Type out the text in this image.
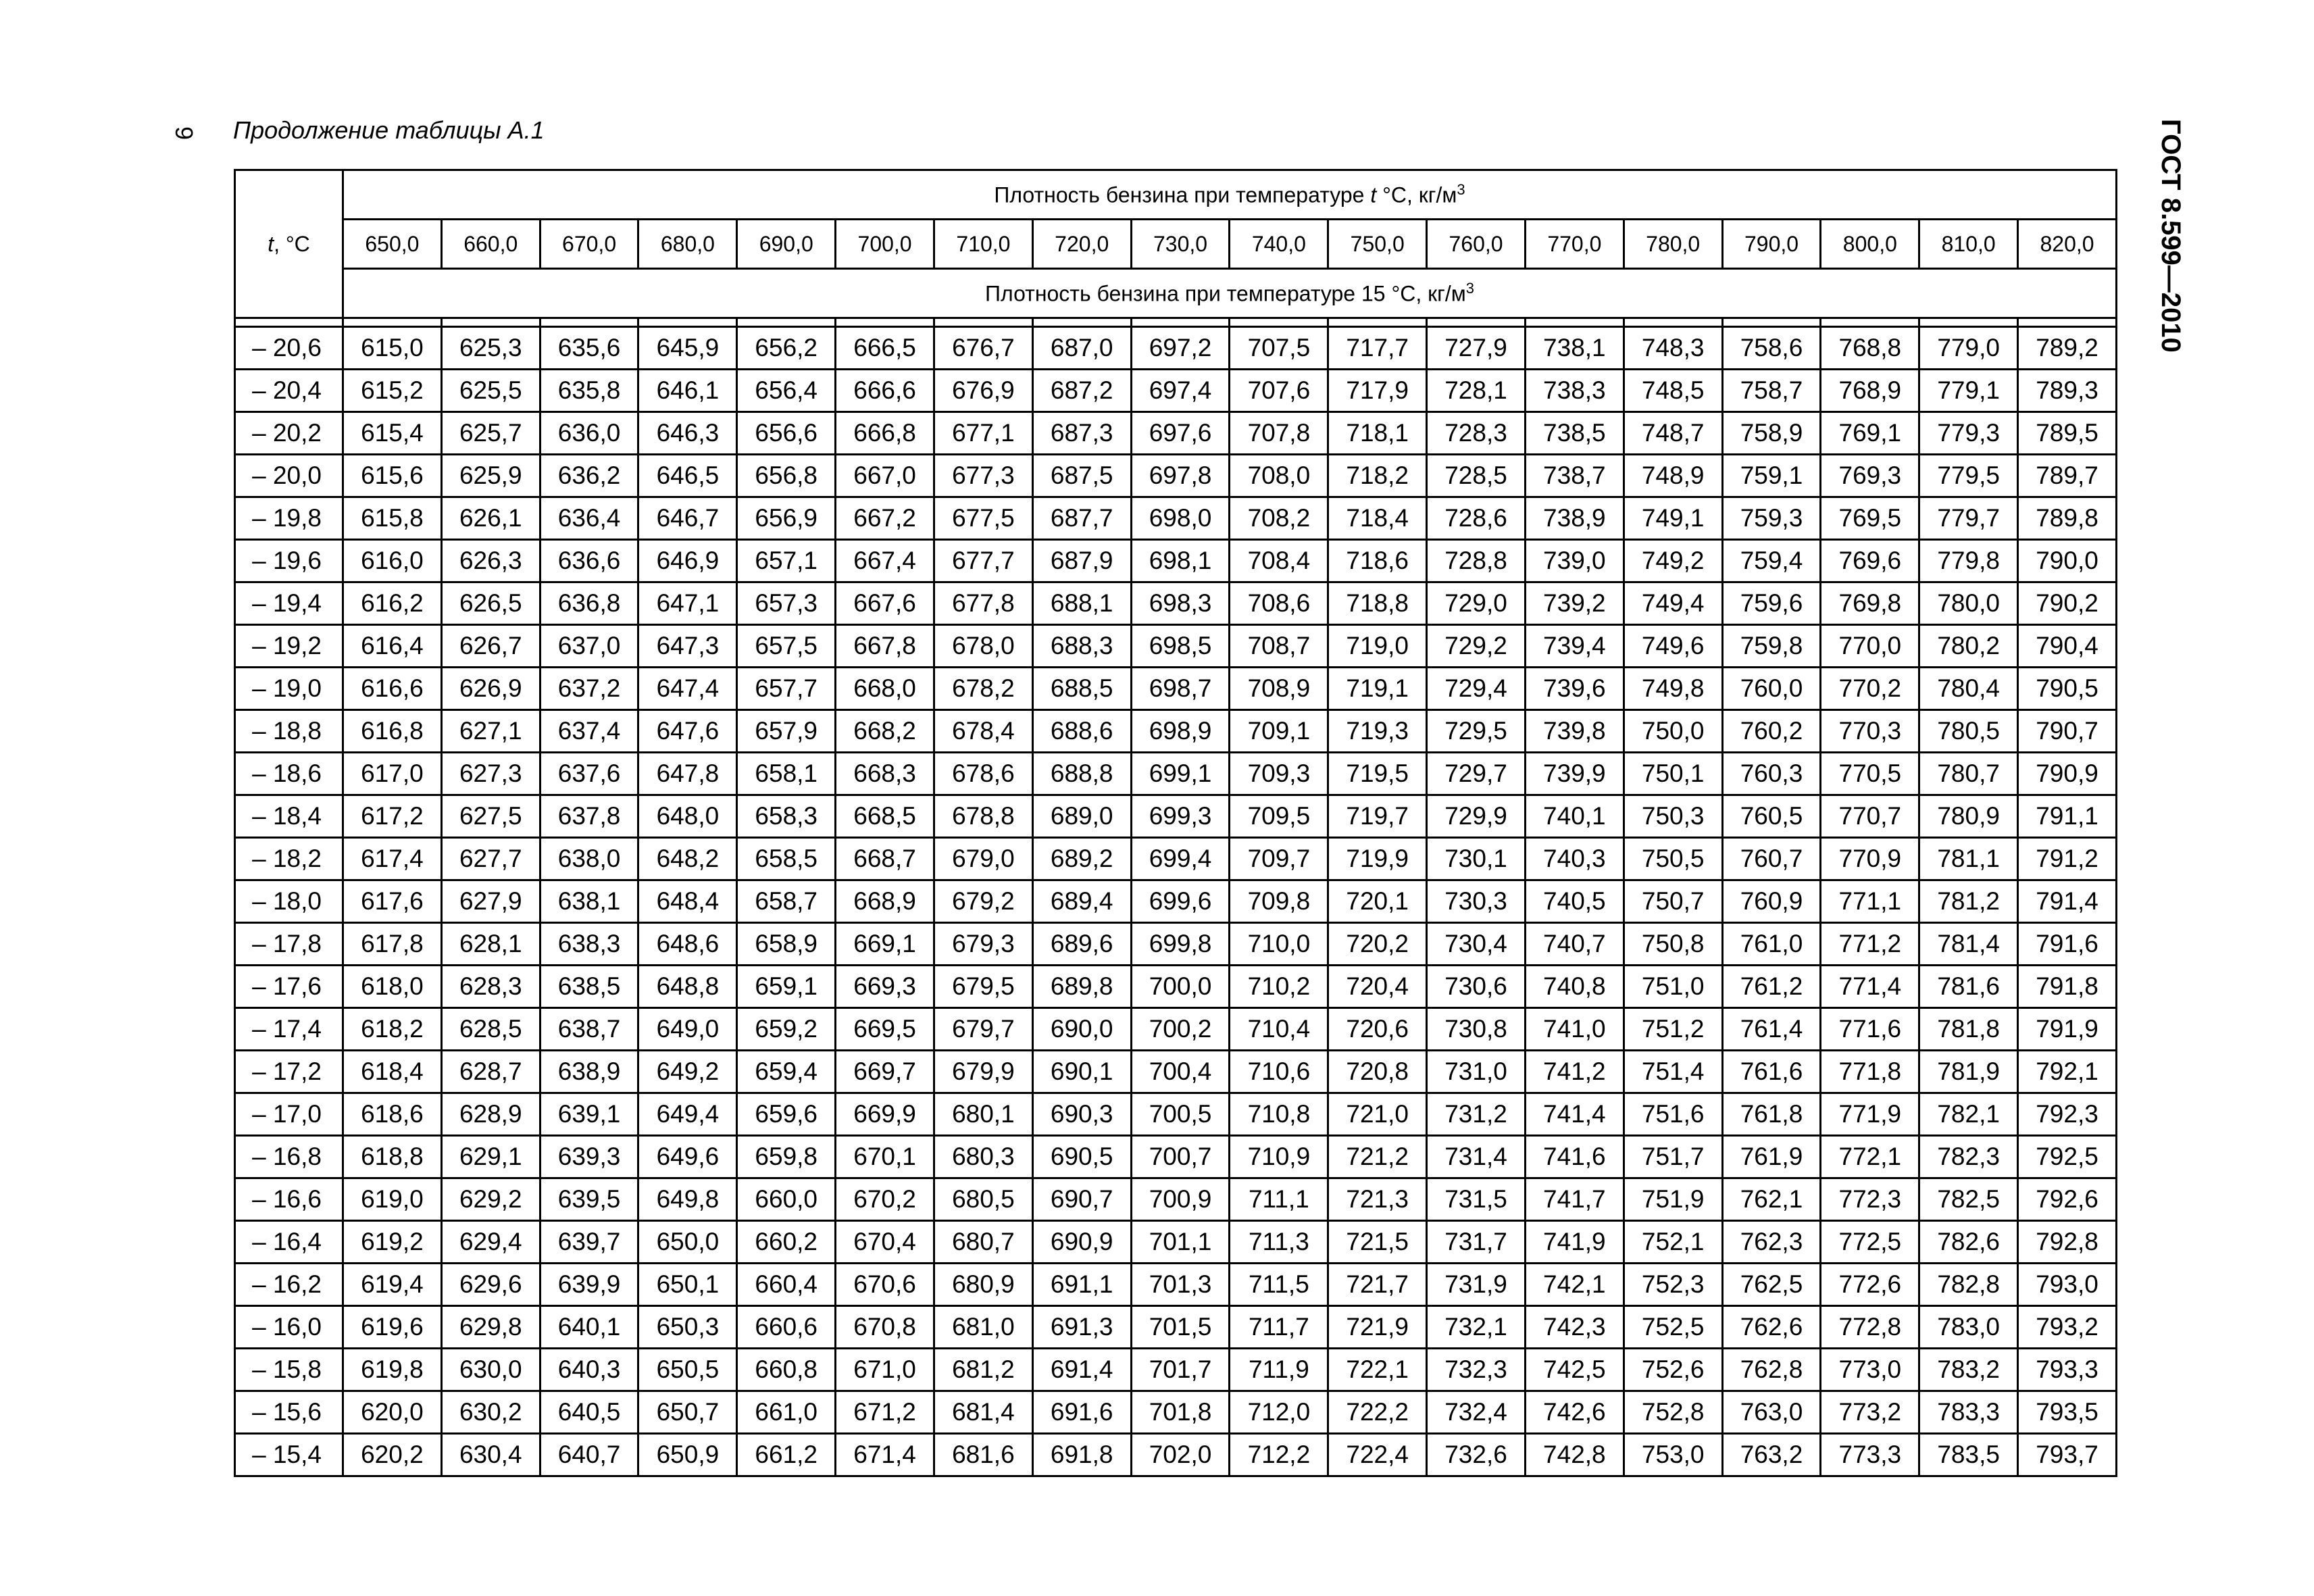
9 Продолжение таблицы А.1	ГОСТ 8.599—2010
t, °C	Плотность бензина при температуре t °C, $кг/м^3$
	650,0	660,0	670,0	680,0	690,0	700,0	710,0	720,0	730,0	740,0	750,0	760,0	770,0	780,0	790,0	800,0	810,0	820,0
	Плотность бензина при температуре 15 °C, $кг/м^3$

– 20,6	615,0	625,3	635,6	645,9	656,2	666,5	676,7	687,0	697,2	707,5	717,7	727,9	738,1	748,3	758,6	768,8	779,0	789,2
– 20,4	615,2	625,5	635,8	646,1	656,4	666,6	676,9	687,2	697,4	707,6	717,9	728,1	738,3	748,5	758,7	768,9	779,1	789,3
– 20,2	615,4	625,7	636,0	646,3	656,6	666,8	677,1	687,3	697,6	707,8	718,1	728,3	738,5	748,7	758,9	769,1	779,3	789,5
– 20,0	615,6	625,9	636,2	646,5	656,8	667,0	677,3	687,5	697,8	708,0	718,2	728,5	738,7	748,9	759,1	769,3	779,5	789,7
– 19,8	615,8	626,1	636,4	646,7	656,9	667,2	677,5	687,7	698,0	708,2	718,4	728,6	738,9	749,1	759,3	769,5	779,7	789,8
– 19,6	616,0	626,3	636,6	646,9	657,1	667,4	677,7	687,9	698,1	708,4	718,6	728,8	739,0	749,2	759,4	769,6	779,8	790,0
– 19,4	616,2	626,5	636,8	647,1	657,3	667,6	677,8	688,1	698,3	708,6	718,8	729,0	739,2	749,4	759,6	769,8	780,0	790,2
– 19,2	616,4	626,7	637,0	647,3	657,5	667,8	678,0	688,3	698,5	708,7	719,0	729,2	739,4	749,6	759,8	770,0	780,2	790,4
– 19,0	616,6	626,9	637,2	647,4	657,7	668,0	678,2	688,5	698,7	708,9	719,1	729,4	739,6	749,8	760,0	770,2	780,4	790,5
– 18,8	616,8	627,1	637,4	647,6	657,9	668,2	678,4	688,6	698,9	709,1	719,3	729,5	739,8	750,0	760,2	770,3	780,5	790,7
– 18,6	617,0	627,3	637,6	647,8	658,1	668,3	678,6	688,8	699,1	709,3	719,5	729,7	739,9	750,1	760,3	770,5	780,7	790,9
– 18,4	617,2	627,5	637,8	648,0	658,3	668,5	678,8	689,0	699,3	709,5	719,7	729,9	740,1	750,3	760,5	770,7	780,9	791,1
– 18,2	617,4	627,7	638,0	648,2	658,5	668,7	679,0	689,2	699,4	709,7	719,9	730,1	740,3	750,5	760,7	770,9	781,1	791,2
– 18,0	617,6	627,9	638,1	648,4	658,7	668,9	679,2	689,4	699,6	709,8	720,1	730,3	740,5	750,7	760,9	771,1	781,2	791,4
– 17,8	617,8	628,1	638,3	648,6	658,9	669,1	679,3	689,6	699,8	710,0	720,2	730,4	740,7	750,8	761,0	771,2	781,4	791,6
– 17,6	618,0	628,3	638,5	648,8	659,1	669,3	679,5	689,8	700,0	710,2	720,4	730,6	740,8	751,0	761,2	771,4	781,6	791,8
– 17,4	618,2	628,5	638,7	649,0	659,2	669,5	679,7	690,0	700,2	710,4	720,6	730,8	741,0	751,2	761,4	771,6	781,8	791,9
– 17,2	618,4	628,7	638,9	649,2	659,4	669,7	679,9	690,1	700,4	710,6	720,8	731,0	741,2	751,4	761,6	771,8	781,9	792,1
– 17,0	618,6	628,9	639,1	649,4	659,6	669,9	680,1	690,3	700,5	710,8	721,0	731,2	741,4	751,6	761,8	771,9	782,1	792,3
– 16,8	618,8	629,1	639,3	649,6	659,8	670,1	680,3	690,5	700,7	710,9	721,2	731,4	741,6	751,7	761,9	772,1	782,3	792,5
– 16,6	619,0	629,2	639,5	649,8	660,0	670,2	680,5	690,7	700,9	711,1	721,3	731,5	741,7	751,9	762,1	772,3	782,5	792,6
– 16,4	619,2	629,4	639,7	650,0	660,2	670,4	680,7	690,9	701,1	711,3	721,5	731,7	741,9	752,1	762,3	772,5	782,6	792,8
– 16,2	619,4	629,6	639,9	650,1	660,4	670,6	680,9	691,1	701,3	711,5	721,7	731,9	742,1	752,3	762,5	772,6	782,8	793,0
– 16,0	619,6	629,8	640,1	650,3	660,6	670,8	681,0	691,3	701,5	711,7	721,9	732,1	742,3	752,5	762,6	772,8	783,0	793,2
– 15,8	619,8	630,0	640,3	650,5	660,8	671,0	681,2	691,4	701,7	711,9	722,1	732,3	742,5	752,6	762,8	773,0	783,2	793,3
– 15,6	620,0	630,2	640,5	650,7	661,0	671,2	681,4	691,6	701,8	712,0	722,2	732,4	742,6	752,8	763,0	773,2	783,3	793,5
– 15,4	620,2	630,4	640,7	650,9	661,2	671,4	681,6	691,8	702,0	712,2	722,4	732,6	742,8	753,0	763,2	773,3	783,5	793,7
